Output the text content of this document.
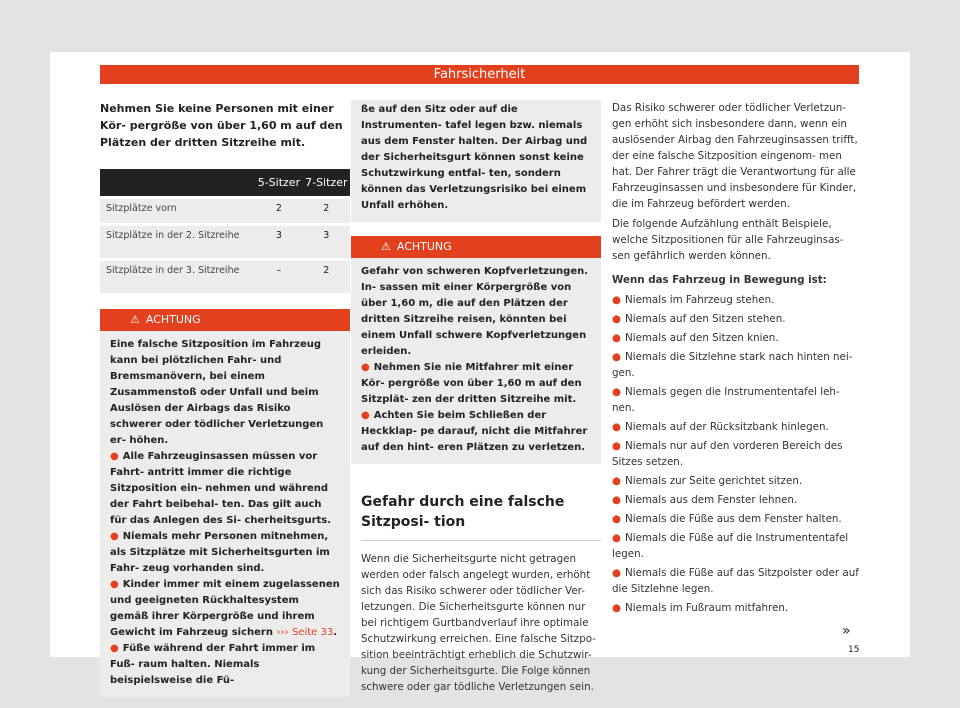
Fahrsicherheit

Nehmen Sie keine Personen mit einer Kör- pergröße von über 1,60 m auf den Plätzen der dritten Sitzreihe mit.

	5-Sitzer	7-Sitzer
Sitzplätze vorn	2	2
Sitzplätze in der 2. Sitzreihe	3	3
Sitzplätze in der 3. Sitzreihe	–	2
⚠ ACHTUNG

Eine falsche Sitzposition im Fahrzeug kann bei plötzlichen Fahr- und Bremsmanövern, bei einem Zusammenstoß oder Unfall und beim Auslösen der Airbags das Risiko schwerer oder tödlicher Verletzungen er- höhen.

● Alle Fahrzeuginsassen müssen vor Fahrt- antritt immer die richtige Sitzposition ein- nehmen und während der Fahrt beibehal- ten. Das gilt auch für das Anlegen des Si- cherheitsgurts.

● Niemals mehr Personen mitnehmen, als Sitzplätze mit Sicherheitsgurten im Fahr- zeug vorhanden sind.

● Kinder immer mit einem zugelassenen und geeigneten Rückhaltesystem gemäß ihrer Körpergröße und ihrem Gewicht im Fahrzeug sichern ››› Seite 33.

● Füße während der Fahrt immer im Fuß- raum halten. Niemals beispielsweise die Fü-

ße auf den Sitz oder auf die Instrumenten- tafel legen bzw. niemals aus dem Fenster halten. Der Airbag und der Sicherheitsgurt können sonst keine Schutzwirkung entfal- ten, sondern können das Verletzungsrisiko bei einem Unfall erhöhen.

⚠ ACHTUNG

Gefahr von schweren Kopfverletzungen. In- sassen mit einer Körpergröße von über 1,60 m, die auf den Plätzen der dritten Sitzreihe reisen, könnten bei einem Unfall schwere Kopfverletzungen erleiden.

● Nehmen Sie nie Mitfahrer mit einer Kör- pergröße von über 1,60 m auf den Sitzplät- zen der dritten Sitzreihe mit.

● Achten Sie beim Schließen der Heckklap- pe darauf, nicht die Mitfahrer auf den hint- eren Plätzen zu verletzen.

Gefahr durch eine falsche Sitzposi- tion

Wenn die Sicherheitsgurte nicht getragen werden oder falsch angelegt wurden, erhöht sich das Risiko schwerer oder tödlicher Ver- letzungen. Die Sicherheitsgurte können nur bei richtigem Gurtbandverlauf ihre optimale Schutzwirkung erreichen. Eine falsche Sitzpo- sition beeinträchtigt erheblich die Schutzwir- kung der Sicherheitsgurte. Die Folge können schwere oder gar tödliche Verletzungen sein.

Das Risiko schwerer oder tödlicher Verletzun- gen erhöht sich insbesondere dann, wenn ein auslösender Airbag den Fahrzeuginsassen trifft, der eine falsche Sitzposition eingenom- men hat. Der Fahrer trägt die Verantwortung für alle Fahrzeuginsassen und insbesondere für Kinder, die im Fahrzeug befördert werden.

Die folgende Aufzählung enthält Beispiele, welche Sitzpositionen für alle Fahrzeuginsas- sen gefährlich werden können.

Wenn das Fahrzeug in Bewegung ist:

● Niemals im Fahrzeug stehen.
● Niemals auf den Sitzen stehen.
● Niemals auf den Sitzen knien.
● Niemals die Sitzlehne stark nach hinten nei- gen.
● Niemals gegen die Instrumententafel leh- nen.
● Niemals auf der Rücksitzbank hinlegen.
● Niemals nur auf den vorderen Bereich des Sitzes setzen.
● Niemals zur Seite gerichtet sitzen.
● Niemals aus dem Fenster lehnen.
● Niemals die Füße aus dem Fenster halten.
● Niemals die Füße auf die Instrumententafel legen.
● Niemals die Füße auf das Sitzpolster oder auf die Sitzlehne legen.
● Niemals im Fußraum mitfahren.
»
15
